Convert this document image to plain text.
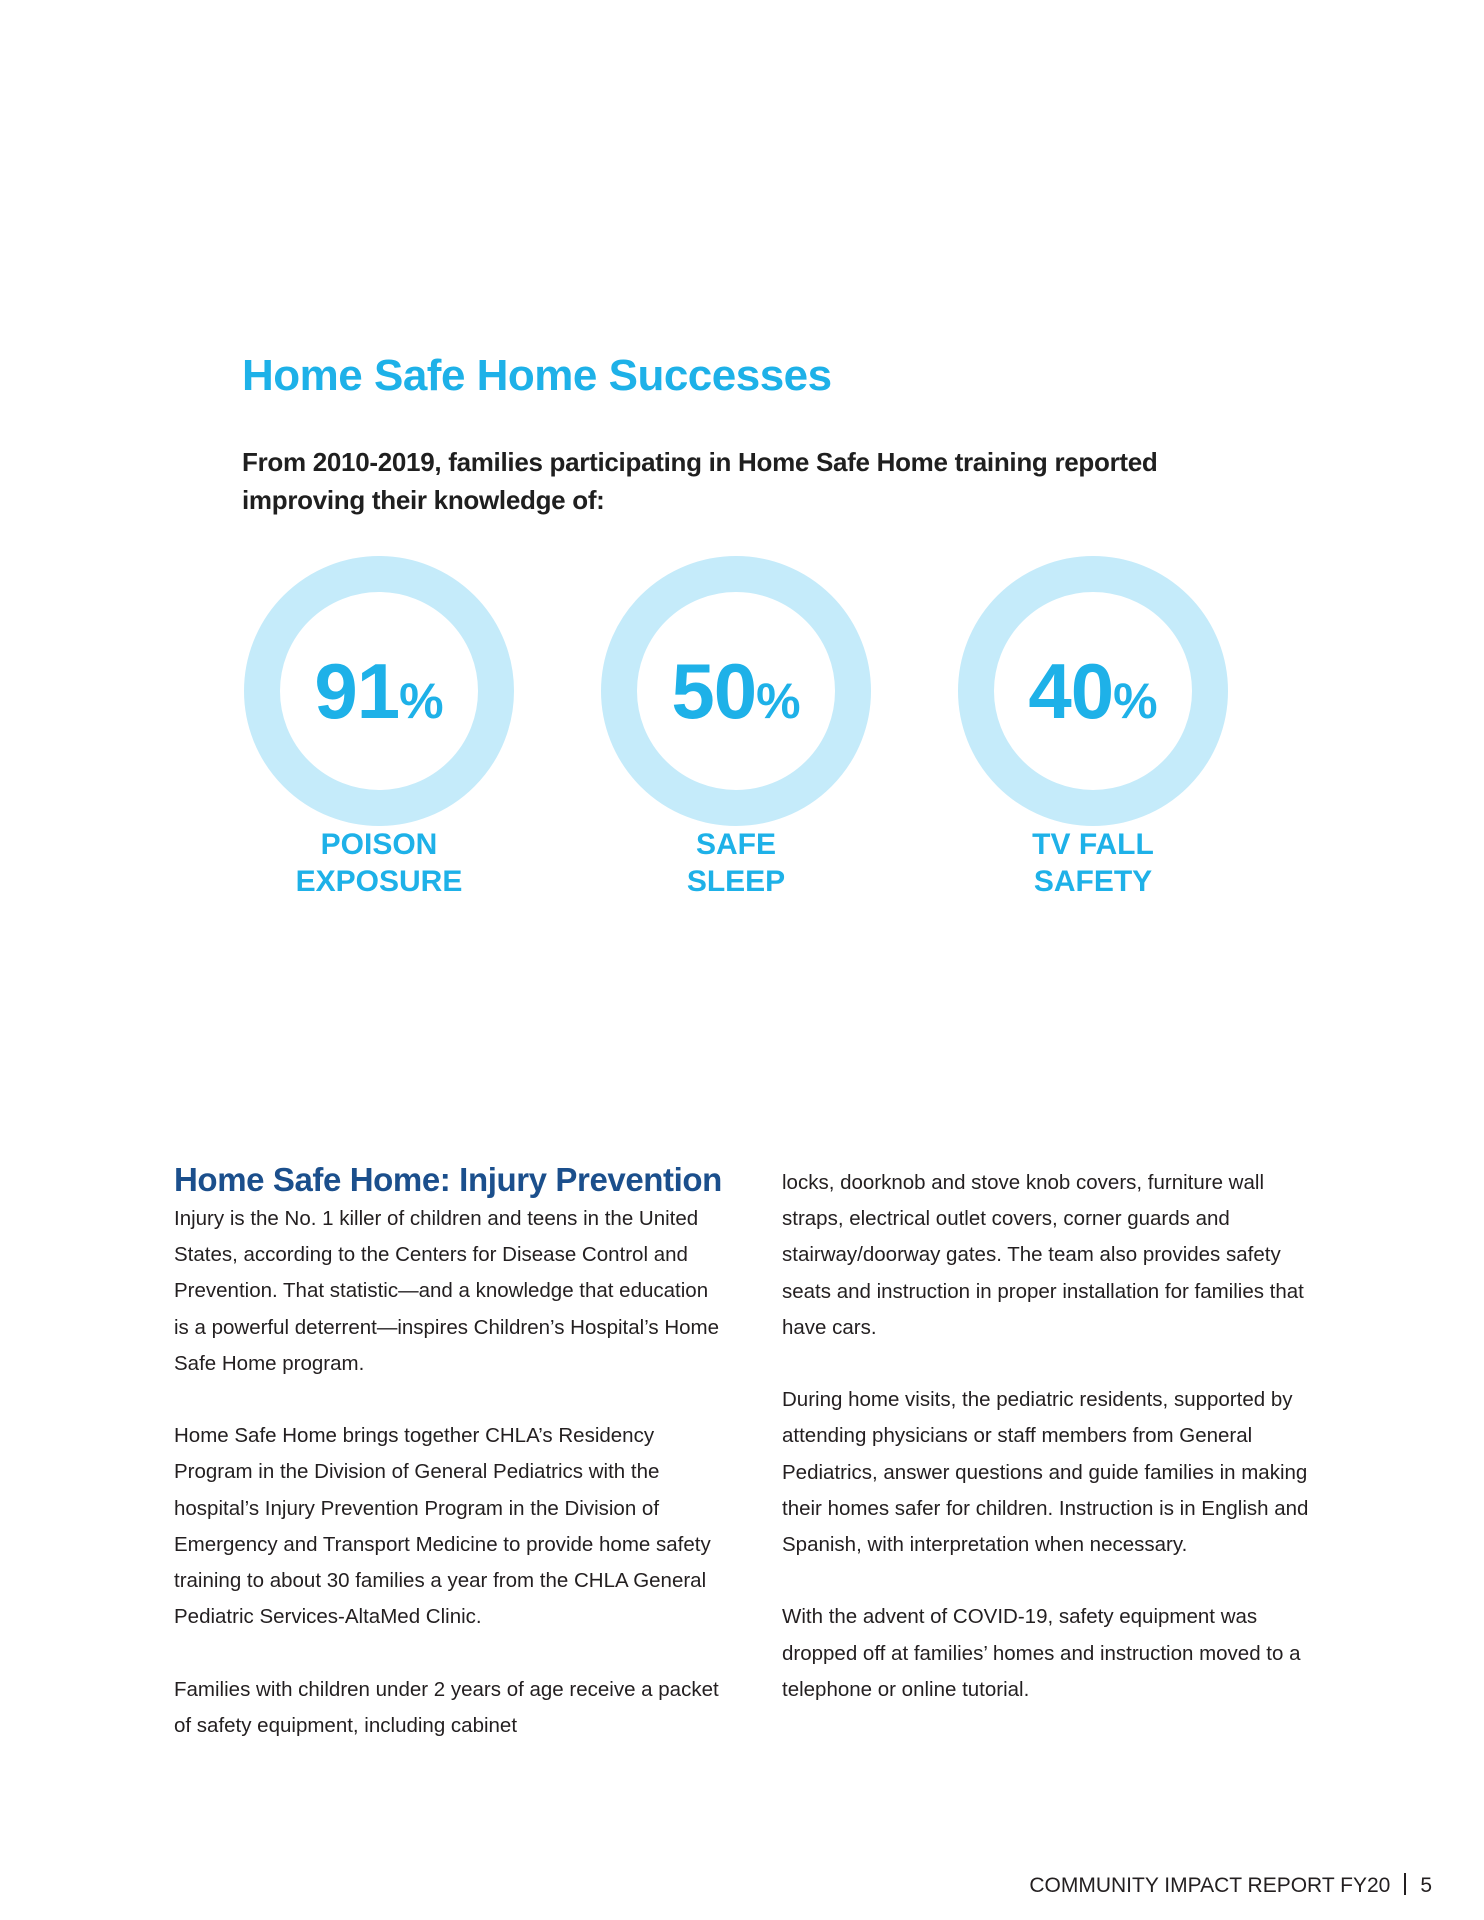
Home Safe Home Successes

From 2010-2019, families participating in Home Safe Home training reported improving their knowledge of:

91%

POISON
EXPOSURE

50%

SAFE
SLEEP

40%

TV FALL
SAFETY

Home Safe Home: Injury Prevention

Injury is the No. 1 killer of children and teens in the United States, according to the Centers for Disease Control and Prevention. That statistic—and a knowledge that education is a powerful deterrent—inspires Children’s Hospital’s Home Safe Home program.

Home Safe Home brings together CHLA’s Residency Program in the Division of General Pediatrics with the hospital’s Injury Prevention Program in the Division of Emergency and Transport Medicine to provide home safety training to about 30 families a year from the CHLA General Pediatric Services-AltaMed Clinic.

Families with children under 2 years of age receive a packet of safety equipment, including cabinet

locks, doorknob and stove knob covers, furniture wall straps, electrical outlet covers, corner guards and stairway/doorway gates. The team also provides safety seats and instruction in proper installation for families that have cars.

During home visits, the pediatric residents, supported by attending physicians or staff members from General Pediatrics, answer questions and guide families in making their homes safer for children. Instruction is in English and Spanish, with interpretation when necessary.

With the advent of COVID-19, safety equipment was dropped off at families’ homes and instruction moved to a telephone or online tutorial.

COMMUNITY IMPACT REPORT FY20 5
